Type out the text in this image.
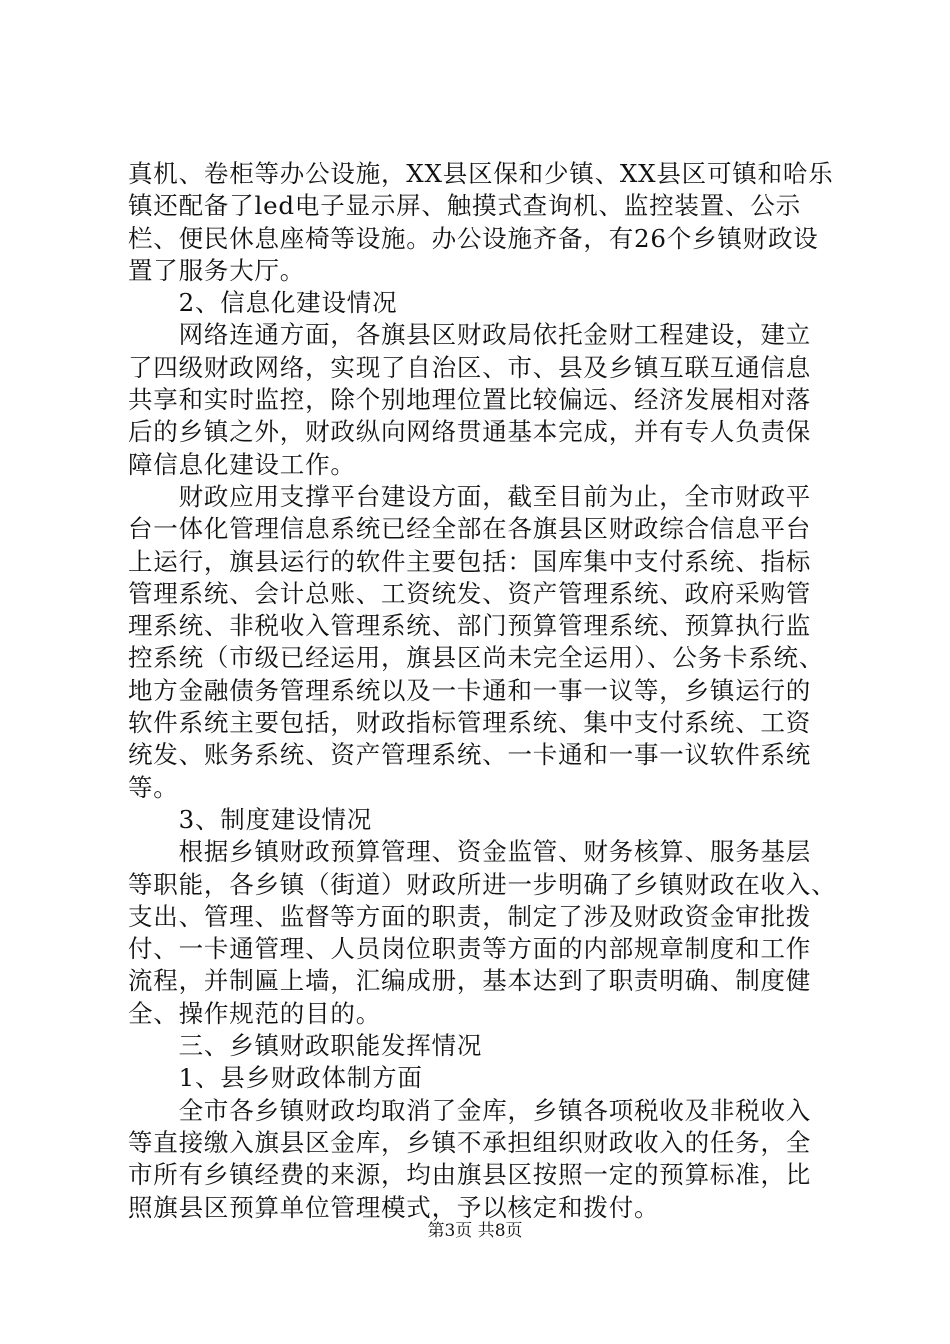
真机、卷柜等办公设施，XX县区保和少镇、XX县区可镇和哈乐
镇还配备了led电子显示屏、触摸式查询机、监控装置、公示
栏、便民休息座椅等设施。办公设施齐备，有26个乡镇财政设
置了服务大厅。
　　2、信息化建设情况
　　网络连通方面，各旗县区财政局依托金财工程建设，建立
了四级财政网络，实现了自治区、市、县及乡镇互联互通信息
共享和实时监控，除个别地理位置比较偏远、经济发展相对落
后的乡镇之外，财政纵向网络贯通基本完成，并有专人负责保
障信息化建设工作。
　　财政应用支撑平台建设方面，截至目前为止，全市财政平
台一体化管理信息系统已经全部在各旗县区财政综合信息平台
上运行，旗县运行的软件主要包括：国库集中支付系统、指标
管理系统、会计总账、工资统发、资产管理系统、政府采购管
理系统、非税收入管理系统、部门预算管理系统、预算执行监
控系统（市级已经运用，旗县区尚未完全运用）、公务卡系统、
地方金融债务管理系统以及一卡通和一事一议等，乡镇运行的
软件系统主要包括，财政指标管理系统、集中支付系统、工资
统发、账务系统、资产管理系统、一卡通和一事一议软件系统
等。
　　3、制度建设情况
　　根据乡镇财政预算管理、资金监管、财务核算、服务基层
等职能，各乡镇（街道）财政所进一步明确了乡镇财政在收入、
支出、管理、监督等方面的职责，制定了涉及财政资金审批拨
付、一卡通管理、人员岗位职责等方面的内部规章制度和工作
流程，并制匾上墙，汇编成册，基本达到了职责明确、制度健
全、操作规范的目的。
　　三、乡镇财政职能发挥情况
　　1、县乡财政体制方面
　　全市各乡镇财政均取消了金库，乡镇各项税收及非税收入
等直接缴入旗县区金库，乡镇不承担组织财政收入的任务，全
市所有乡镇经费的来源，均由旗县区按照一定的预算标准，比
照旗县区预算单位管理模式，予以核定和拨付。
第3页 共8页
